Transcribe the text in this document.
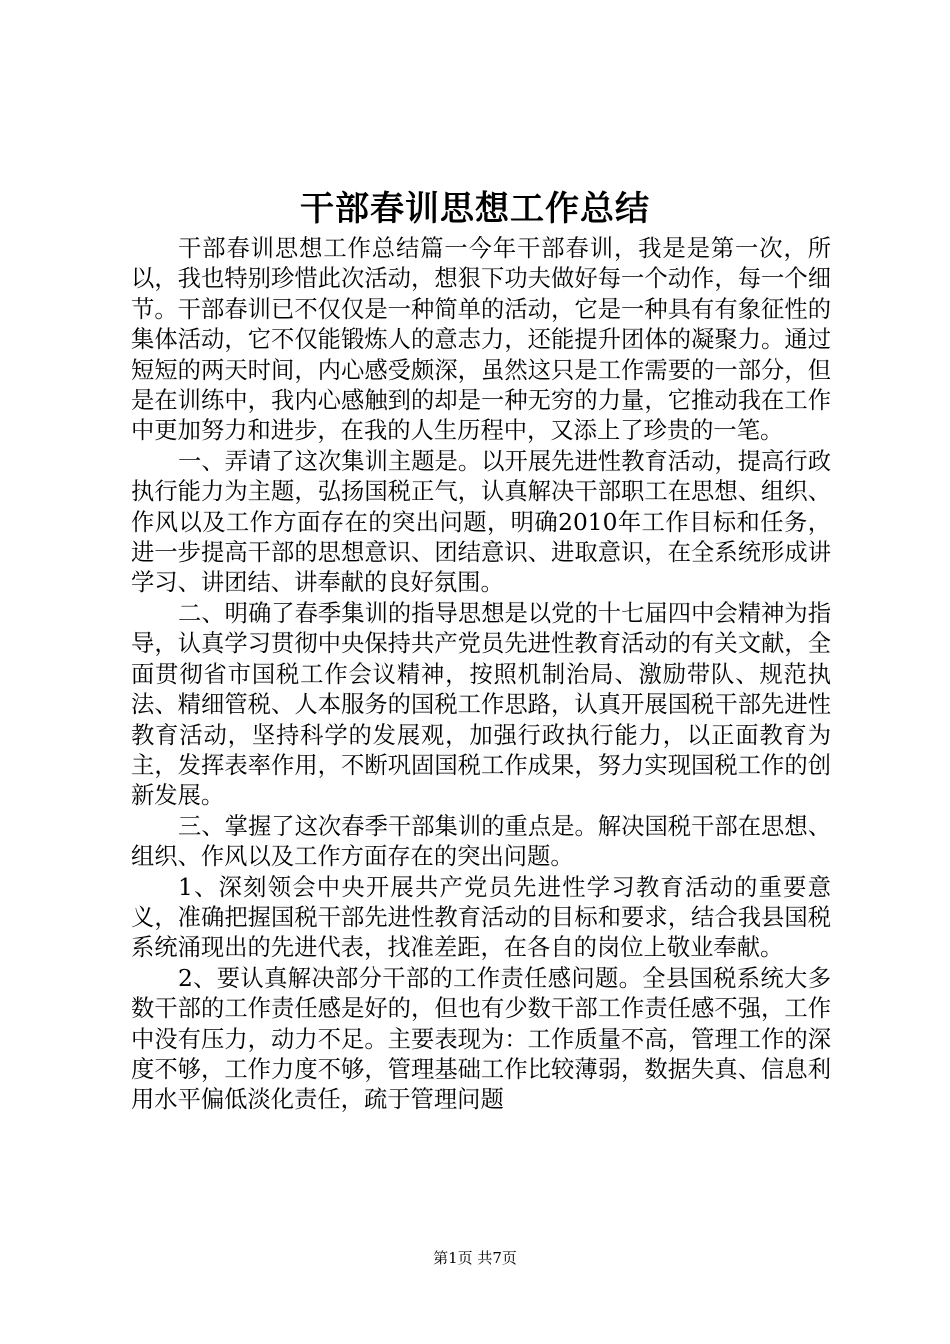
干部春训思想工作总结

干部春训思想工作总结篇一今年干部春训，我是是第一次，所以，我也特别珍惜此次活动，想狠下功夫做好每一个动作，每一个细节。干部春训已不仅仅是一种简单的活动，它是一种具有有象征性的集体活动，它不仅能锻炼人的意志力，还能提升团体的凝聚力。通过短短的两天时间，内心感受颇深，虽然这只是工作需要的一部分，但是在训练中，我内心感触到的却是一种无穷的力量，它推动我在工作中更加努力和进步，在我的人生历程中，又添上了珍贵的一笔。

一、弄请了这次集训主题是。以开展先进性教育活动，提高行政执行能力为主题，弘扬国税正气，认真解决干部职工在思想、组织、作风以及工作方面存在的突出问题，明确2010年工作目标和任务，进一步提高干部的思想意识、团结意识、进取意识，在全系统形成讲学习、讲团结、讲奉献的良好氛围。

二、明确了春季集训的指导思想是以党的十七届四中会精神为指导，认真学习贯彻中央保持共产党员先进性教育活动的有关文献，全面贯彻省市国税工作会议精神，按照机制治局、激励带队、规范执法、精细管税、人本服务的国税工作思路，认真开展国税干部先进性教育活动，坚持科学的发展观，加强行政执行能力，以正面教育为主，发挥表率作用，不断巩固国税工作成果，努力实现国税工作的创新发展。

三、掌握了这次春季干部集训的重点是。解决国税干部在思想、组织、作风以及工作方面存在的突出问题。

1、深刻领会中央开展共产党员先进性学习教育活动的重要意义，准确把握国税干部先进性教育活动的目标和要求，结合我县国税系统涌现出的先进代表，找准差距，在各自的岗位上敬业奉献。

2、要认真解决部分干部的工作责任感问题。全县国税系统大多数干部的工作责任感是好的，但也有少数干部工作责任感不强，工作中没有压力，动力不足。主要表现为：工作质量不高，管理工作的深度不够，工作力度不够，管理基础工作比较薄弱，数据失真、信息利用水平偏低淡化责任，疏于管理问题

第1页 共7页
